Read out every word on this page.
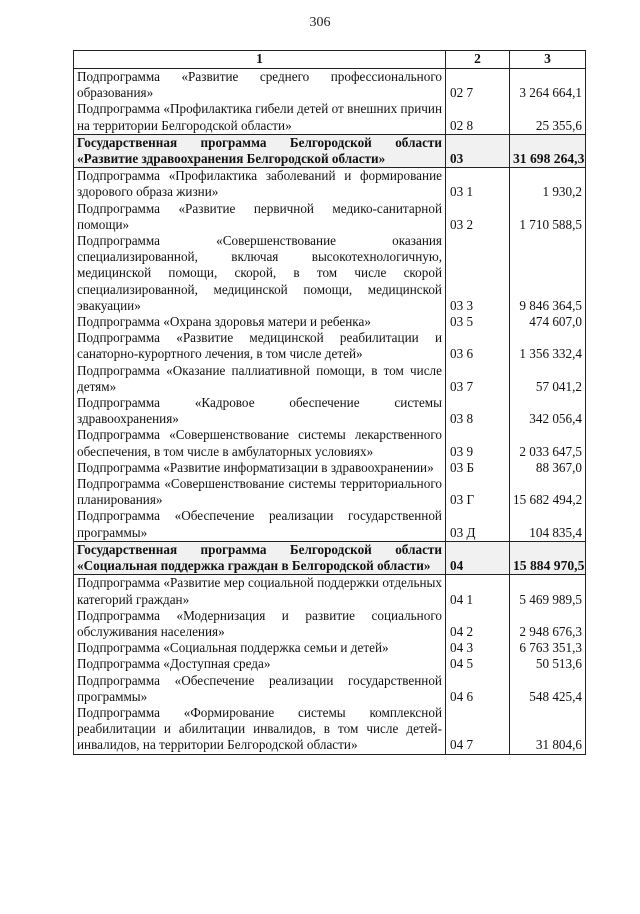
306
1	2	3
Подпрограмма «Развитие среднего профессионального образования»	02 7	3 264 664,1
Подпрограмма «Профилактика гибели детей от внешних причин на территории Белгородской области»	02 8	25 355,6
Государственная программа Белгородской области «Развитие здравоохранения Белгородской области»	03	31 698 264,3
Подпрограмма «Профилактика заболеваний и формирование здорового образа жизни»	03 1	1 930,2
Подпрограмма «Развитие первичной медико-санитарной помощи»	03 2	1 710 588,5
Подпрограмма «Совершенствование оказания специализированной, включая высокотехнологичную, медицинской помощи, скорой, в том числе скорой специализированной, медицинской помощи, медицинской эвакуации»	03 3	9 846 364,5
Подпрограмма «Охрана здоровья матери и ребенка»	03 5	474 607,0
Подпрограмма «Развитие медицинской реабилитации и санаторно-курортного лечения, в том числе детей»	03 6	1 356 332,4
Подпрограмма «Оказание паллиативной помощи, в том числе детям»	03 7	57 041,2
Подпрограмма «Кадровое обеспечение системы здравоохранения»	03 8	342 056,4
Подпрограмма «Совершенствование системы лекарственного обеспечения, в том числе в амбулаторных условиях»	03 9	2 033 647,5
Подпрограмма «Развитие информатизации в здравоохранении»	03 Б	88 367,0
Подпрограмма «Совершенствование системы территориального планирования»	03 Г	15 682 494,2
Подпрограмма «Обеспечение реализации государственной программы»	03 Д	104 835,4
Государственная программа Белгородской области «Социальная поддержка граждан в Белгородской области»	04	15 884 970,5
Подпрограмма «Развитие мер социальной поддержки отдельных категорий граждан»	04 1	5 469 989,5
Подпрограмма «Модернизация и развитие социального обслуживания населения»	04 2	2 948 676,3
Подпрограмма «Социальная поддержка семьи и детей»	04 3	6 763 351,3
Подпрограмма «Доступная среда»	04 5	50 513,6
Подпрограмма «Обеспечение реализации государственной программы»	04 6	548 425,4
Подпрограмма «Формирование системы комплексной реабилитации и абилитации инвалидов, в том числе детей-инвалидов, на территории Белгородской области»	04 7	31 804,6
